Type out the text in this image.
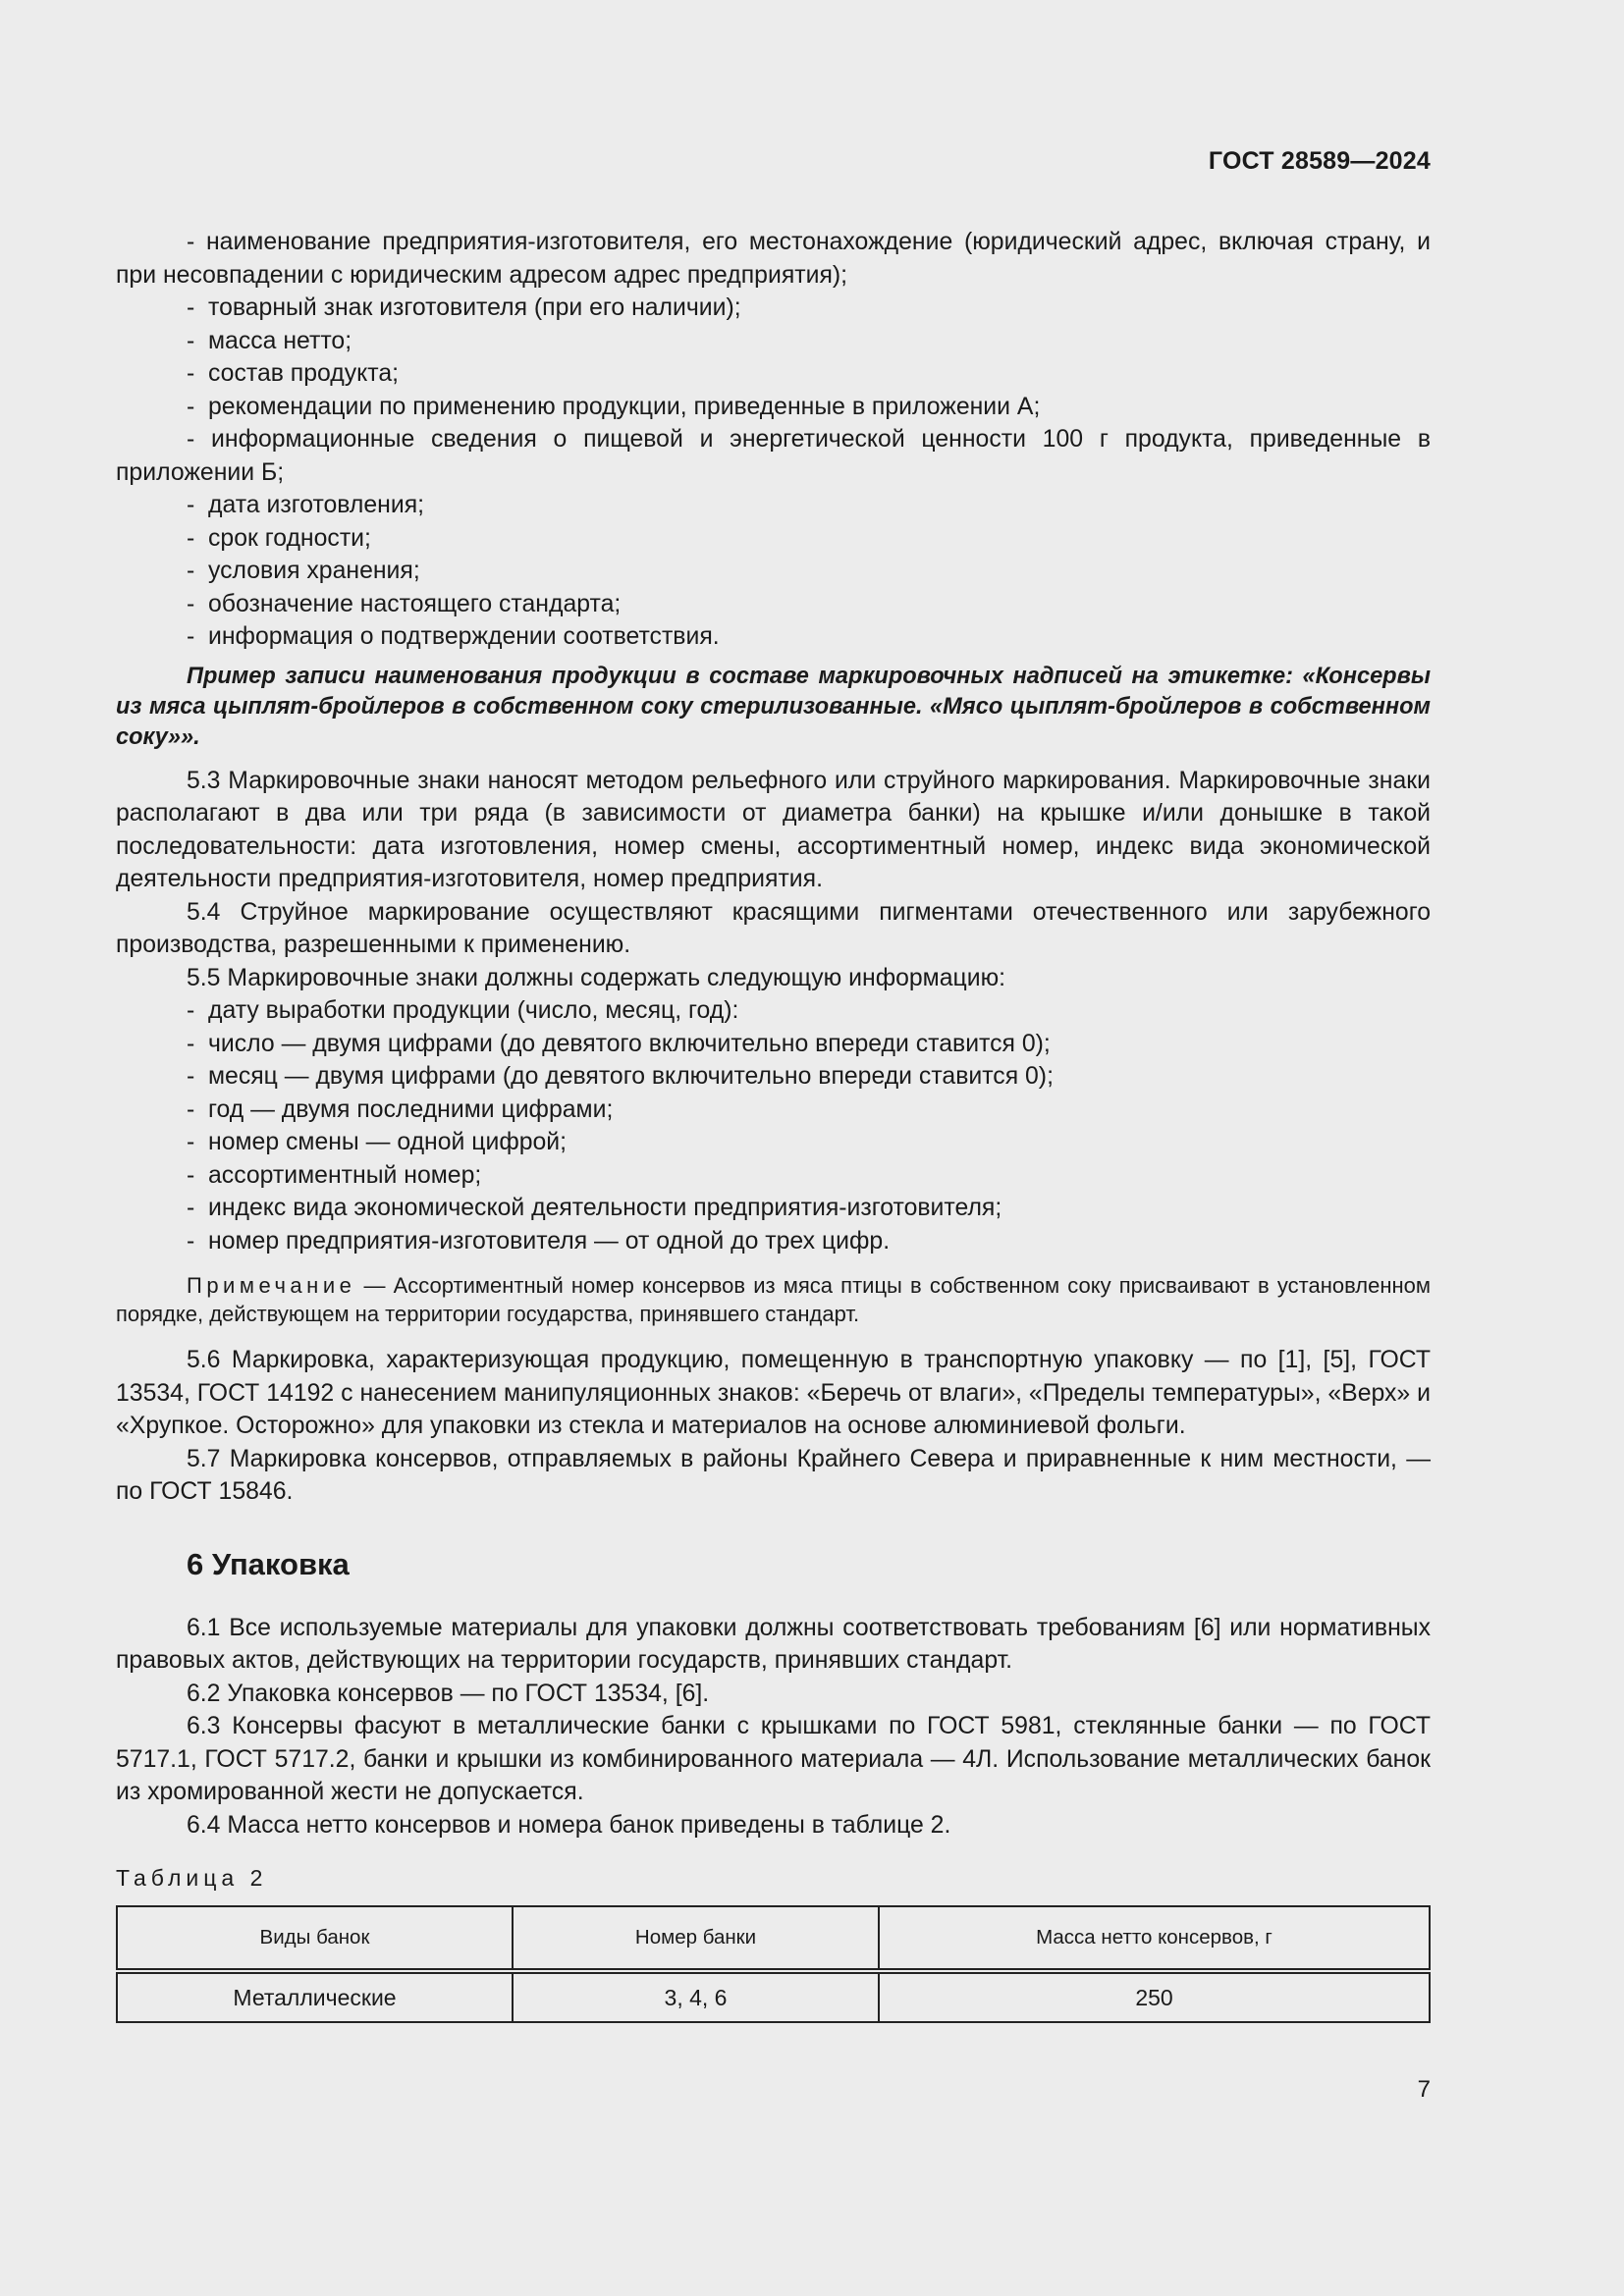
ГОСТ 28589—2024

- наименование предприятия-изготовителя, его местонахождение (юридический адрес, включая страну, и при несовпадении с юридическим адресом адрес предприятия);

- товарный знак изготовителя (при его наличии);
- масса нетто;
- состав продукта;
- рекомендации по применению продукции, приведенные в приложении А;

- информационные сведения о пищевой и энергетической ценности 100 г продукта, приведенные в приложении Б;

- дата изготовления;
- срок годности;
- условия хранения;
- обозначение настоящего стандарта;
- информация о подтверждении соответствия.

Пример записи наименования продукции в составе маркировочных надписей на этикетке: «Консервы из мяса цыплят-бройлеров в собственном соку стерилизованные. «Мясо цыплят-бройлеров в собственном соку»».

5.3 Маркировочные знаки наносят методом рельефного или струйного маркирования. Маркировочные знаки располагают в два или три ряда (в зависимости от диаметра банки) на крышке и/или донышке в такой последовательности: дата изготовления, номер смены, ассортиментный номер, индекс вида экономической деятельности предприятия-изготовителя, номер предприятия.

5.4 Струйное маркирование осуществляют красящими пигментами отечественного или зарубежного производства, разрешенными к применению.

5.5 Маркировочные знаки должны содержать следующую информацию:

- дату выработки продукции (число, месяц, год):
- число — двумя цифрами (до девятого включительно впереди ставится 0);
- месяц — двумя цифрами (до девятого включительно впереди ставится 0);
- год — двумя последними цифрами;
- номер смены — одной цифрой;
- ассортиментный номер;
- индекс вида экономической деятельности предприятия-изготовителя;
- номер предприятия-изготовителя — от одной до трех цифр.

Примечание — Ассортиментный номер консервов из мяса птицы в собственном соку присваивают в установленном порядке, действующем на территории государства, принявшего стандарт.

5.6 Маркировка, характеризующая продукцию, помещенную в транспортную упаковку — по [1], [5], ГОСТ 13534, ГОСТ 14192 с нанесением манипуляционных знаков: «Беречь от влаги», «Пределы температуры», «Верх» и «Хрупкое. Осторожно» для упаковки из стекла и материалов на основе алюминиевой фольги.

5.7 Маркировка консервов, отправляемых в районы Крайнего Севера и приравненные к ним местности, — по ГОСТ 15846.

6 Упаковка

6.1 Все используемые материалы для упаковки должны соответствовать требованиям [6] или нормативных правовых актов, действующих на территории государств, принявших стандарт.

6.2 Упаковка консервов — по ГОСТ 13534, [6].

6.3 Консервы фасуют в металлические банки с крышками по ГОСТ 5981, стеклянные банки — по ГОСТ 5717.1, ГОСТ 5717.2, банки и крышки из комбинированного материала — 4Л. Использование металлических банок из хромированной жести не допускается.

6.4 Масса нетто консервов и номера банок приведены в таблице 2.

Таблица 2
Виды банок	Номер банки	Масса нетто консервов, г
Металлические	3, 4, 6	250
7
